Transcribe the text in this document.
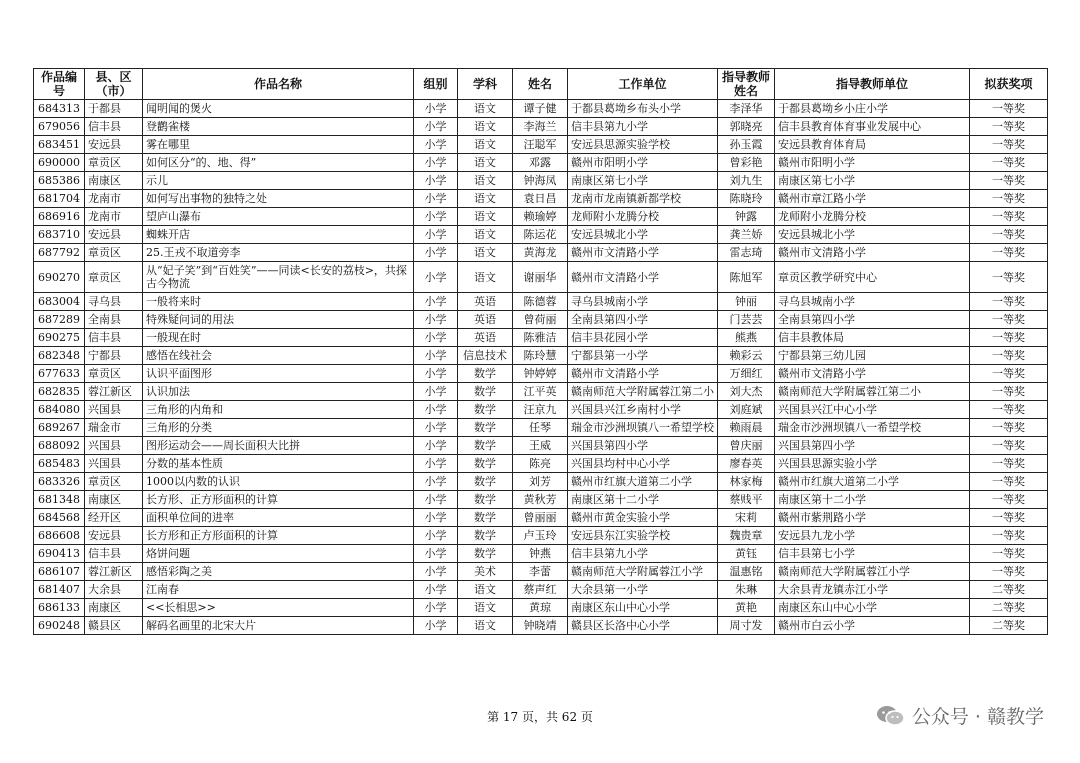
作品编号	县、区（市）	作品名称	组别	学科	姓名	工作单位	指导教师姓名	指导教师单位	拟获奖项
684313	于都县	闻明闻的煲火	小学	语文	谭子健	于都县葛坳乡布头小学	李泽华	于都县葛坳乡小庄小学	一等奖
679056	信丰县	登鹳雀楼	小学	语文	李海兰	信丰县第九小学	郭晓亮	信丰县教育体育事业发展中心	一等奖
683451	安远县	雾在哪里	小学	语文	汪聪军	安远县思源实验学校	孙玉霞	安远县教育体育局	一等奖
690000	章贡区	如何区分“的、地、得”	小学	语文	邓露	赣州市阳明小学	曾彩艳	赣州市阳明小学	一等奖
685386	南康区	示儿	小学	语文	钟海凤	南康区第七小学	刘九生	南康区第七小学	一等奖
681704	龙南市	如何写出事物的独特之处	小学	语文	袁日昌	龙南市龙南镇新都学校	陈晓玲	赣州市章江路小学	一等奖
686916	龙南市	望庐山瀑布	小学	语文	赖瑜婷	龙师附小龙腾分校	钟露	龙师附小龙腾分校	一等奖
683710	安远县	蜘蛛开店	小学	语文	陈运花	安远县城北小学	龚兰娇	安远县城北小学	一等奖
687792	章贡区	25.王戎不取道旁李	小学	语文	黄海龙	赣州市文清路小学	雷志琦	赣州市文清路小学	一等奖
690270	章贡区	从“妃子笑”到“百姓笑”——同读<长安的荔枝>，共探古今物流	小学	语文	谢丽华	赣州市文清路小学	陈旭军	章贡区教学研究中心	一等奖
683004	寻乌县	一般将来时	小学	英语	陈德蓉	寻乌县城南小学	钟丽	寻乌县城南小学	一等奖
687289	全南县	特殊疑问词的用法	小学	英语	曾荷丽	全南县第四小学	门芸芸	全南县第四小学	一等奖
690275	信丰县	一般现在时	小学	英语	陈雅洁	信丰县花园小学	熊燕	信丰县教体局	一等奖
682348	宁都县	感悟在线社会	小学	信息技术	陈玲慧	宁都县第一小学	赖彩云	宁都县第三幼儿园	一等奖
677633	章贡区	认识平面图形	小学	数学	钟婷婷	赣州市文清路小学	万细红	赣州市文清路小学	一等奖
682835	蓉江新区	认识加法	小学	数学	江平英	赣南师范大学附属蓉江第二小	刘大杰	赣南师范大学附属蓉江第二小	一等奖
684080	兴国县	三角形的内角和	小学	数学	汪京九	兴国县兴江乡南村小学	刘庭斌	兴国县兴江中心小学	一等奖
689267	瑞金市	三角形的分类	小学	数学	任琴	瑞金市沙洲坝镇八一希望学校	赖雨晨	瑞金市沙洲坝镇八一希望学校	一等奖
688092	兴国县	图形运动会——周长面积大比拼	小学	数学	王威	兴国县第四小学	曾庆丽	兴国县第四小学	一等奖
685483	兴国县	分数的基本性质	小学	数学	陈亮	兴国县均村中心小学	廖春英	兴国县思源实验小学	一等奖
683326	章贡区	1000以内数的认识	小学	数学	刘芳	赣州市红旗大道第二小学	林家梅	赣州市红旗大道第二小学	一等奖
681348	南康区	长方形、正方形面积的计算	小学	数学	黄秋芳	南康区第十二小学	蔡贱平	南康区第十二小学	一等奖
684568	经开区	面积单位间的进率	小学	数学	曾丽丽	赣州市黄金实验小学	宋莉	赣州市紫荆路小学	一等奖
686608	安远县	长方形和正方形面积的计算	小学	数学	卢玉玲	安远县东江实验学校	魏贵章	安远县九龙小学	一等奖
690413	信丰县	烙饼问题	小学	数学	钟燕	信丰县第九小学	黄钰	信丰县第七小学	一等奖
686107	蓉江新区	感悟彩陶之美	小学	美术	李蕾	赣南师范大学附属蓉江小学	温惠铭	赣南师范大学附属蓉江小学	一等奖
681407	大余县	江南春	小学	语文	蔡声红	大余县第一小学	朱琳	大余县青龙镇赤江小学	二等奖
686133	南康区	<<长相思>>	小学	语文	黄琼	南康区东山中心小学	黄艳	南康区东山中心小学	二等奖
690248	赣县区	解码名画里的北宋大片	小学	语文	钟晓靖	赣县区长洛中心小学	周寸发	赣州市白云小学	二等奖
第 17 页，共 62 页	公众号 · 赣教学
